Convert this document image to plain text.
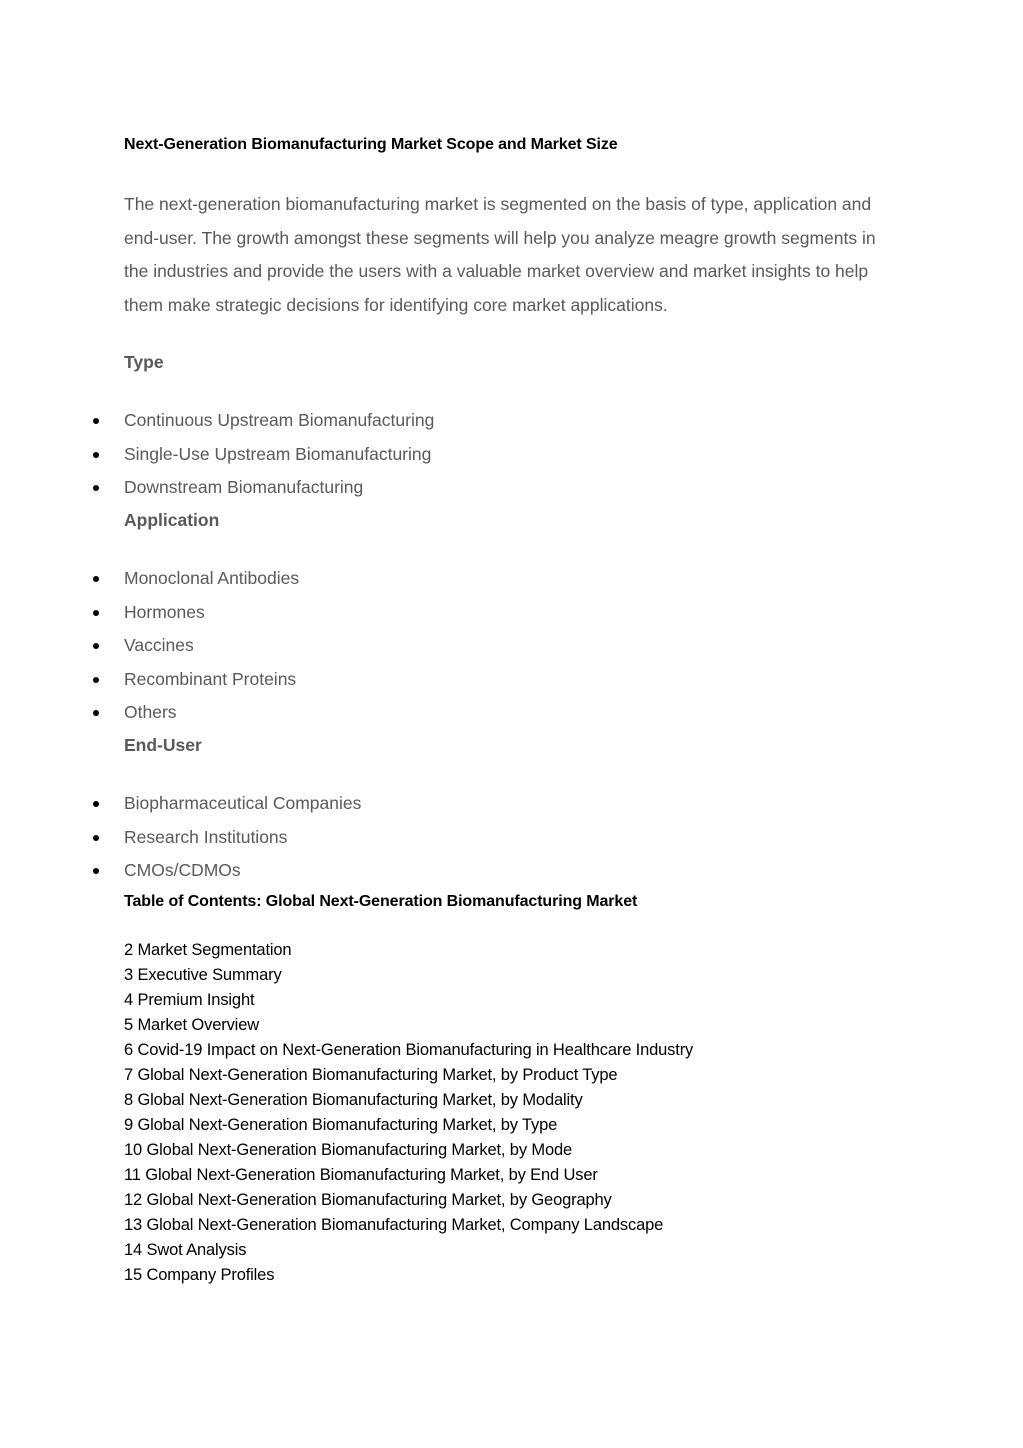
Next-Generation Biomanufacturing Market Scope and Market Size

The next-generation biomanufacturing market is segmented on the basis of type, application and end-user. The growth amongst these segments will help you analyze meagre growth segments in the industries and provide the users with a valuable market overview and market insights to help them make strategic decisions for identifying core market applications.

Type
Continuous Upstream Biomanufacturing
Single-Use Upstream Biomanufacturing
Downstream Biomanufacturing
Application
Monoclonal Antibodies
Hormones
Vaccines
Recombinant Proteins
Others
End-User
Biopharmaceutical Companies
Research Institutions
CMOs/CDMOs
Table of Contents: Global Next-Generation Biomanufacturing Market
2 Market Segmentation
3 Executive Summary
4 Premium Insight
5 Market Overview
6 Covid-19 Impact on Next-Generation Biomanufacturing in Healthcare Industry
7 Global Next-Generation Biomanufacturing Market, by Product Type
8 Global Next-Generation Biomanufacturing Market, by Modality
9 Global Next-Generation Biomanufacturing Market, by Type
10 Global Next-Generation Biomanufacturing Market, by Mode
11 Global Next-Generation Biomanufacturing Market, by End User
12 Global Next-Generation Biomanufacturing Market, by Geography
13 Global Next-Generation Biomanufacturing Market, Company Landscape
14 Swot Analysis
15 Company Profiles
